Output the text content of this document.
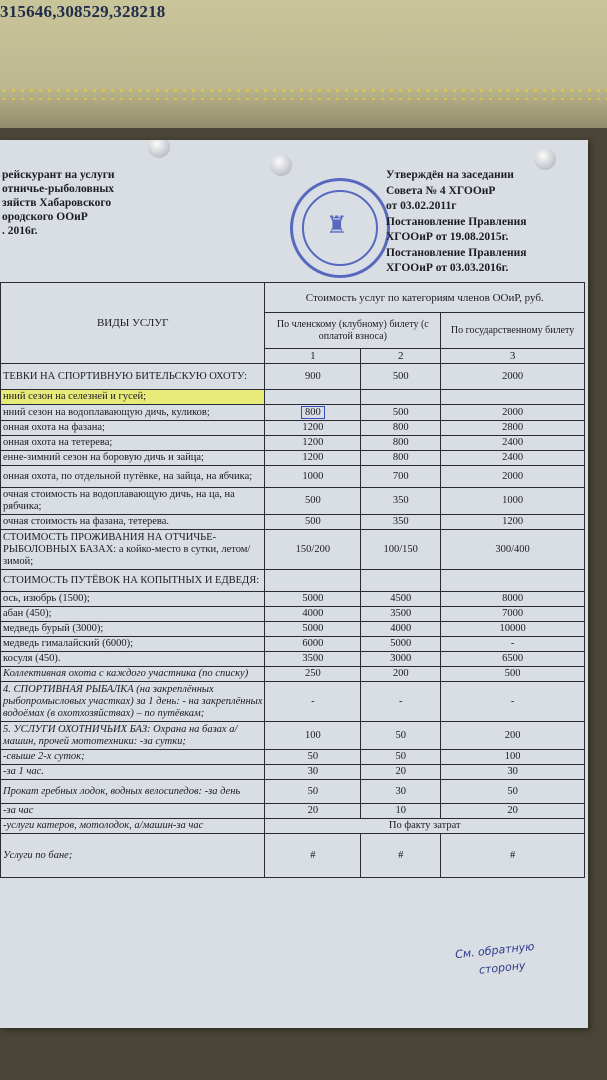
315646,308529,328218
рейскурант на услуги
отничье-рыболовных
зяйств Хабаровского
ородского ООиР
. 2016г.	♜
Утверждён на заседании
Совета № 4 ХГООиР
от 03.02.2011г
Постановление Правления
ХГООиР от 19.08.2015г.
Постановление Правления
ХГООиР от 03.03.2016г.
ВИДЫ УСЛУГ	Стоимость услуг по категориям членов ООиР, руб.		
	По членскому (клубному) билету (с оплатой взноса)		По государственному билету
	1	2	3
ТЕВКИ НА СПОРТИВНУЮ БИТЕЛЬСКУЮ ОХОТУ:	900	500	2000
нний сезон на селезней и гусей;			
нний сезон на водоплавающую дичь, куликов;	800	500	2000
онная охота на фазана;	1200	800	2800
онная охота на тетерева;	1200	800	2400
енне-зимний сезон на боровую дичь и зайца;	1200	800	2400
онная охота, по отдельной путёвке, на зайца, на ябчика;	1000	700	2000
очная стоимость на водоплавающую дичь, на ца, на рябчика;	500	350	1000
очная стоимость на фазана, тетерева.	500	350	1200
СТОИМОСТЬ ПРОЖИВАНИЯ НА ОТЧИЧЬЕ-РЫБОЛОВНЫХ БАЗАХ: а койко-место в сутки, летом/зимой;	150/200	100/150	300/400
СТОИМОСТЬ ПУТЁВОК НА КОПЫТНЫХ И ЕДВЕДЯ:			
ось, изюбрь (1500);	5000	4500	8000
абан (450);	4000	3500	7000
медведь бурый (3000);	5000	4000	10000
медведь гималайский (6000);	6000	5000	-
косуля (450).	3500	3000	6500
Коллективная охота с каждого участника (по списку)	250	200	500
4. СПОРТИВНАЯ РЫБАЛКА (на закреплённых рыбопромысловых участках) за 1 день: - на закреплённых водоёмах (в охотхозяйствах) – по путёвкам;	-	-	-
5. УСЛУГИ ОХОТНИЧЬИХ БАЗ: Охрана на базах а/машин, прочей мототехники: -за сутки;	100	50	200
-свыше 2-х суток;	50	50	100
-за 1 час.	30	20	30
Прокат гребных лодок, водных велосипедов: -за день	50	30	50
-за час	20	10	20
-услуги катеров, мотолодок, а/машин-за час	По факту затрат		
Услуги по бане;	#	#	#
См. обратную
сторону
